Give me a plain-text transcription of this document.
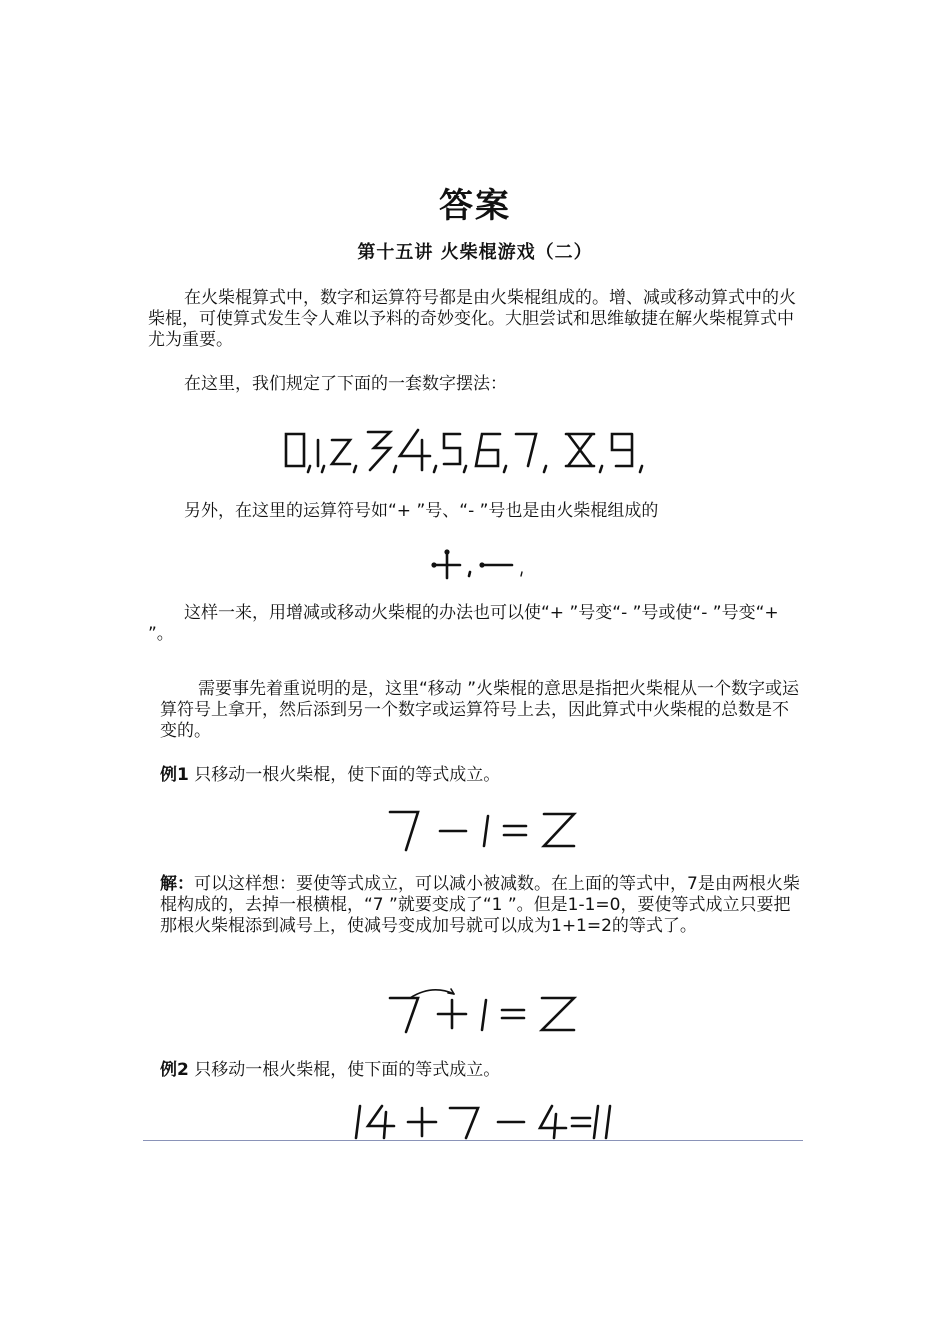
答案
第十五讲 火柴棍游戏（二）

在火柴棍算式中，数字和运算符号都是由火柴棍组成的。增、减或移动算式中的火柴棍，可使算式发生令人难以予料的奇妙变化。大胆尝试和思维敏捷在解火柴棍算式中尤为重要。

在这里，我们规定了下面的一套数字摆法：

另外，在这里的运算符号如“+ ”号、“- ”号也是由火柴棍组成的

这样一来，用增减或移动火柴棍的办法也可以使“+ ”号变“- ”号或使“- ”号变“+ ”。

需要事先着重说明的是，这里“移动 ”火柴棍的意思是指把火柴棍从一个数字或运算符号上拿开，然后添到另一个数字或运算符号上去，因此算式中火柴棍的总数是不变的。

例1 只移动一根火柴棍，使下面的等式成立。

解：可以这样想：要使等式成立，可以减小被减数。在上面的等式中，7是由两根火柴棍构成的，去掉一根横棍，“7 ”就要变成了“1 ”。但是1-1=0，要使等式成立只要把那根火柴棍添到减号上，使减号变成加号就可以成为1+1=2的等式了。

例2 只移动一根火柴棍，使下面的等式成立。
